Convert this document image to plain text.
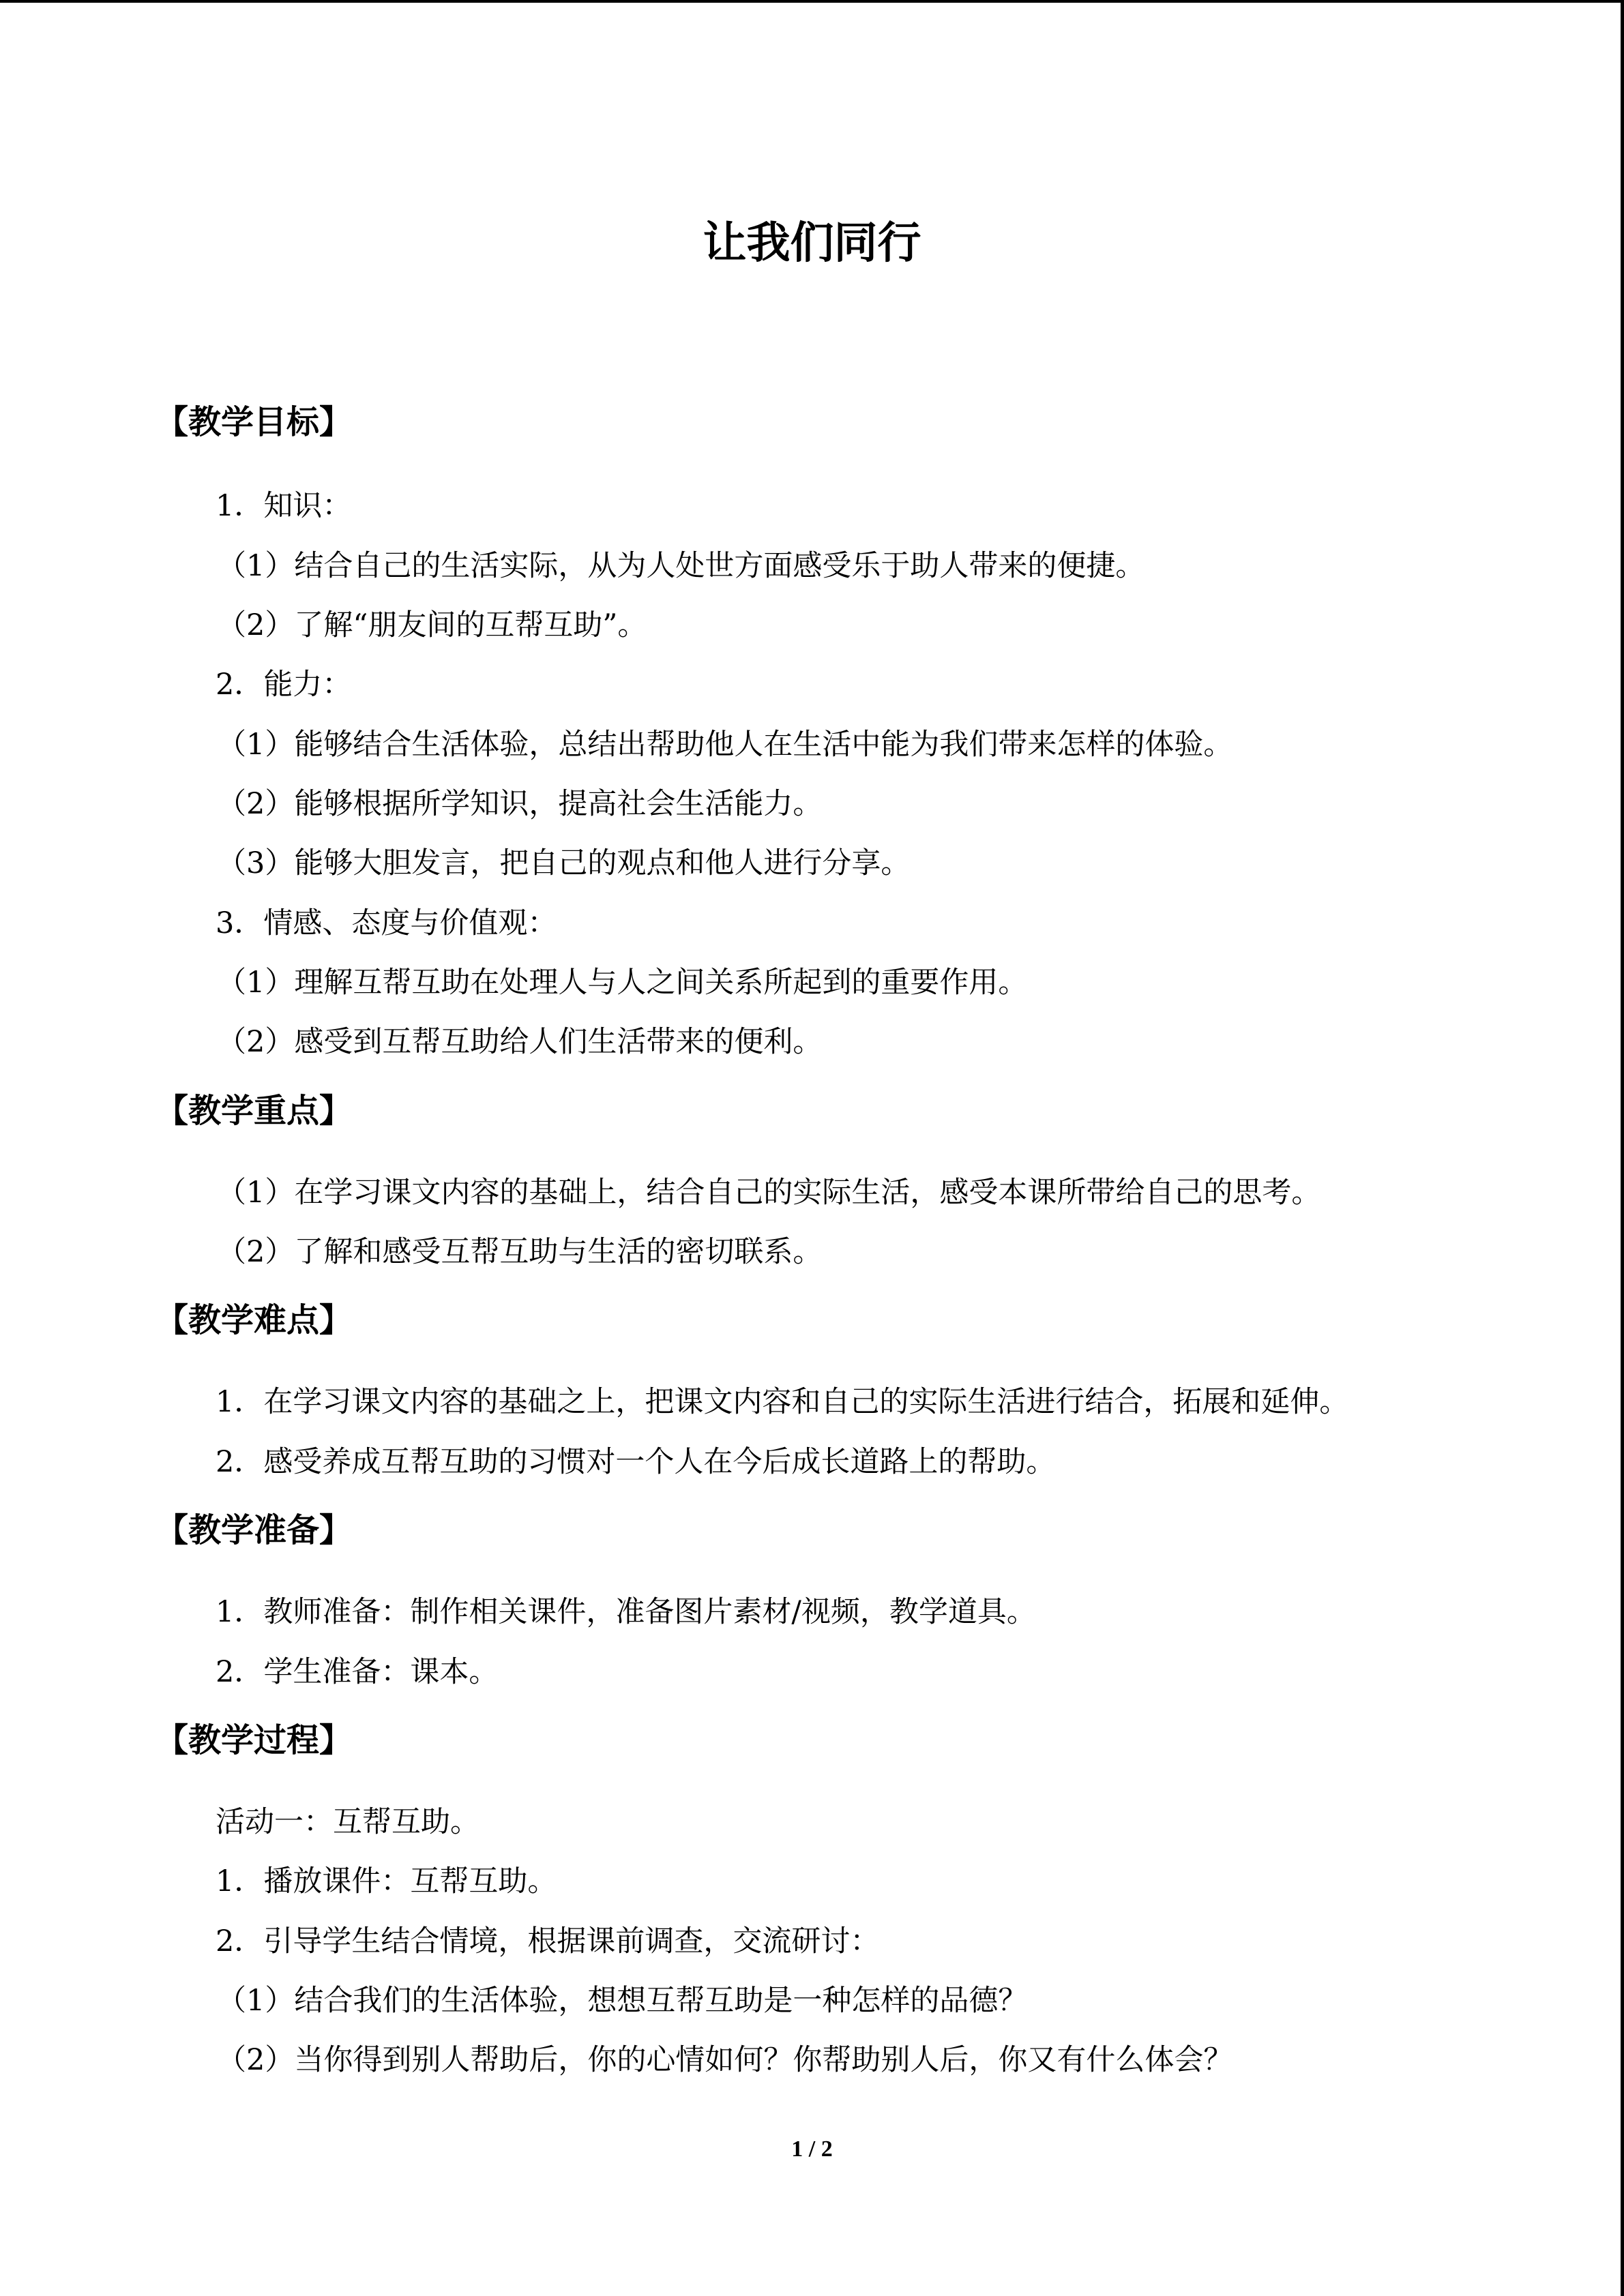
让我们同行
【教学目标】
1．知识：
（1）结合自己的生活实际，从为人处世方面感受乐于助人带来的便捷。
（2）了解“朋友间的互帮互助”。
2．能力：
（1）能够结合生活体验，总结出帮助他人在生活中能为我们带来怎样的体验。
（2）能够根据所学知识，提高社会生活能力。
（3）能够大胆发言，把自己的观点和他人进行分享。
3．情感、态度与价值观：
（1）理解互帮互助在处理人与人之间关系所起到的重要作用。
（2）感受到互帮互助给人们生活带来的便利。
【教学重点】
（1）在学习课文内容的基础上，结合自己的实际生活，感受本课所带给自己的思考。
（2）了解和感受互帮互助与生活的密切联系。
【教学难点】
1．在学习课文内容的基础之上，把课文内容和自己的实际生活进行结合，拓展和延伸。
2．感受养成互帮互助的习惯对一个人在今后成长道路上的帮助。
【教学准备】
1．教师准备：制作相关课件，准备图片素材/视频，教学道具。
2．学生准备：课本。
【教学过程】
活动一：互帮互助。
1．播放课件：互帮互助。
2．引导学生结合情境，根据课前调查，交流研讨：
（1）结合我们的生活体验，想想互帮互助是一种怎样的品德？
（2）当你得到别人帮助后，你的心情如何？你帮助别人后，你又有什么体会？
1 / 2
